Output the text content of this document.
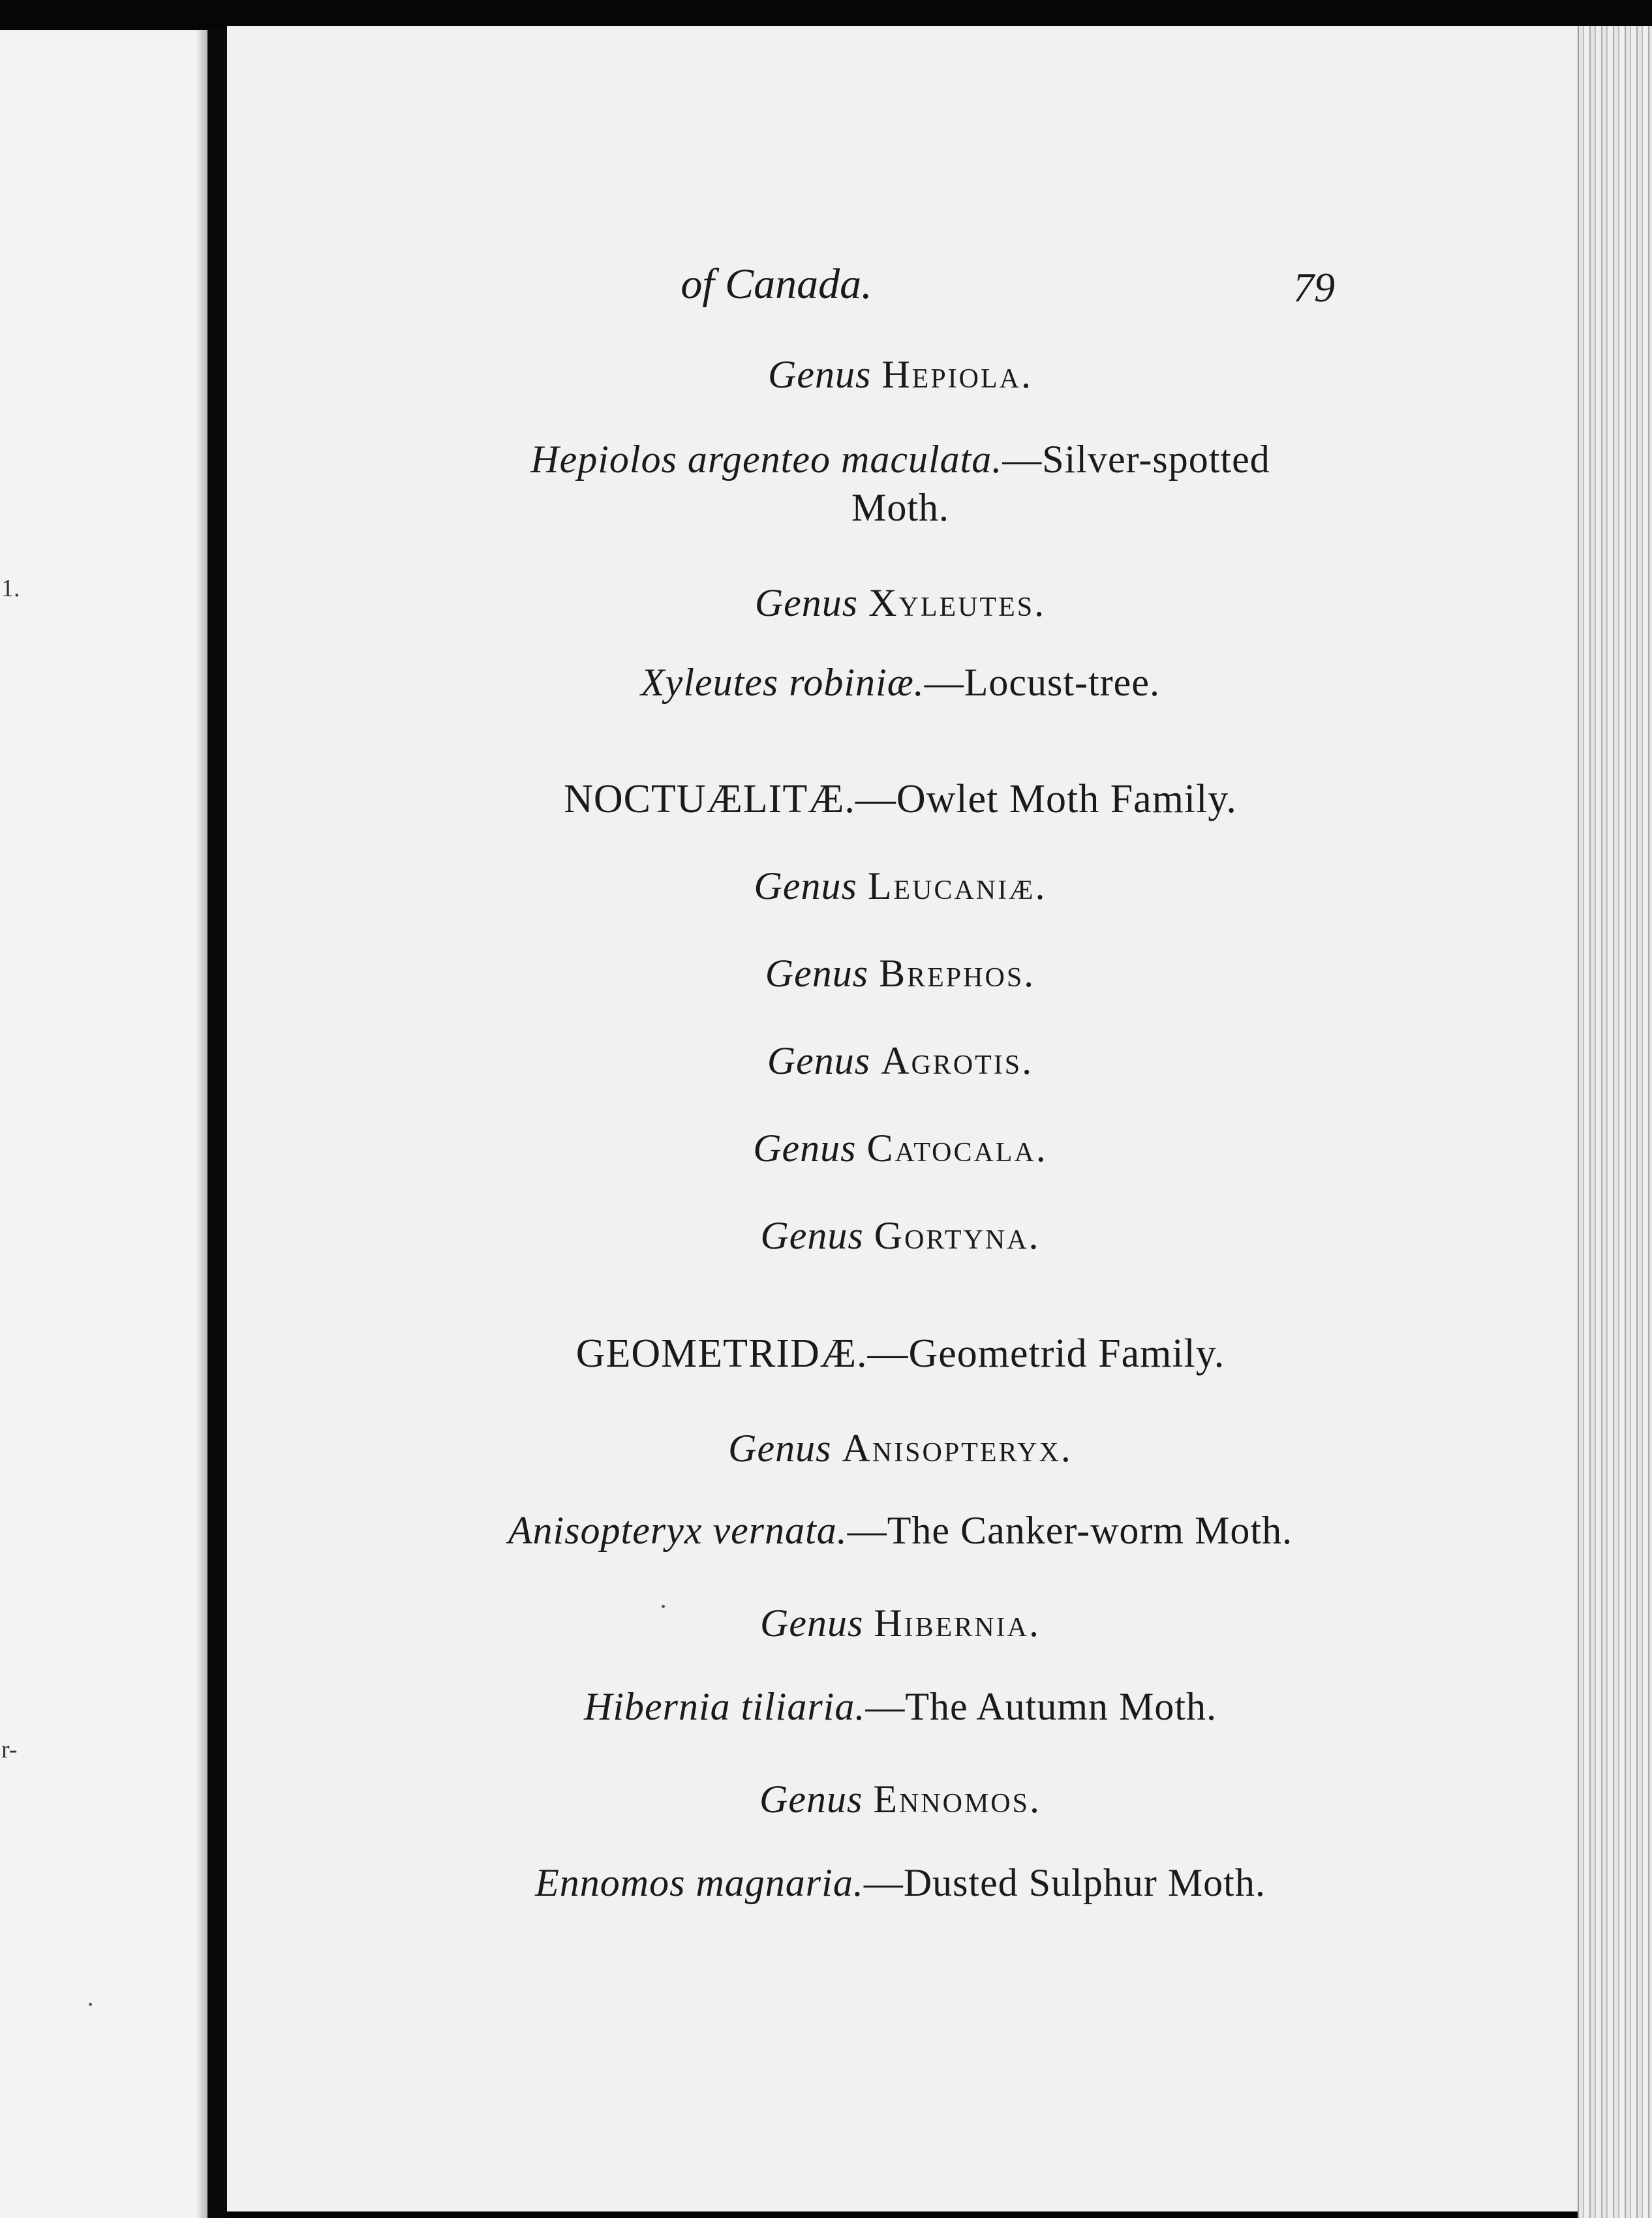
1.
r-
of Canada.	79
Genus Hepiola.
Hepiolos argenteo maculata.—Silver-spotted
Moth.
Genus Xyleutes.
Xyleutes robiniæ.—Locust-tree.
NOCTUÆLITÆ.—Owlet Moth Family.
Genus Leucaniæ.
Genus Brephos.
Genus Agrotis.
Genus Catocala.
Genus Gortyna.
GEOMETRIDÆ.—Geometrid Family.
Genus Anisopteryx.
Anisopteryx vernata.—The Canker-worm Moth.
Genus Hibernia.
Hibernia tiliaria.—The Autumn Moth.
Genus Ennomos.
Ennomos magnaria.—Dusted Sulphur Moth.
